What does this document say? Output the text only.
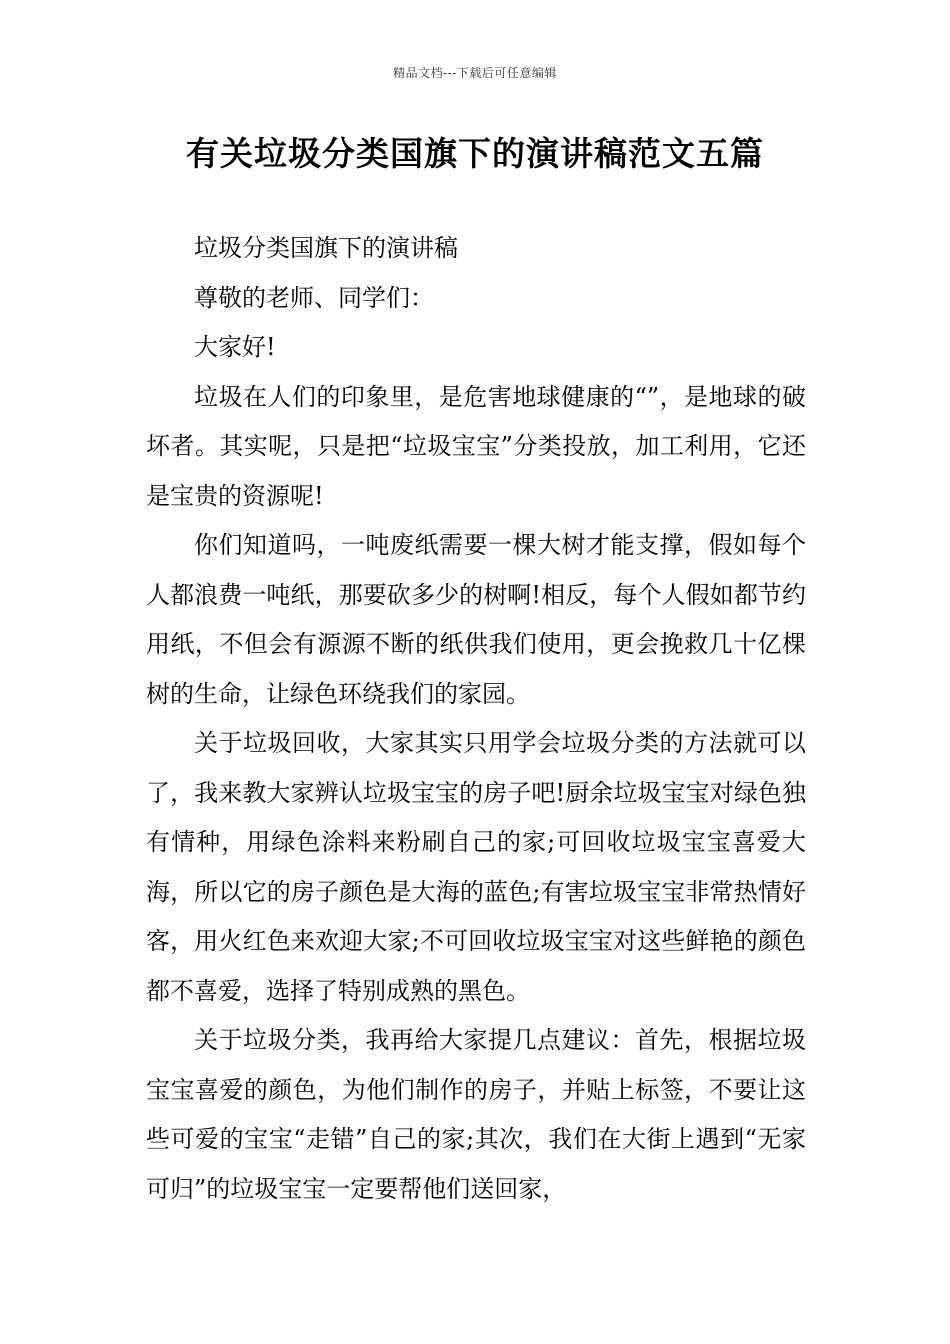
精品文档---下载后可任意编辑
有关垃圾分类国旗下的演讲稿范文五篇

垃圾分类国旗下的演讲稿

尊敬的老师、同学们：

大家好!

垃圾在人们的印象里，是危害地球健康的“”，是地球的破坏者。其实呢，只是把“垃圾宝宝”分类投放，加工利用，它还是宝贵的资源呢!

你们知道吗，一吨废纸需要一棵大树才能支撑，假如每个人都浪费一吨纸，那要砍多少的树啊!相反，每个人假如都节约用纸，不但会有源源不断的纸供我们使用，更会挽救几十亿棵树的生命，让绿色环绕我们的家园。

关于垃圾回收，大家其实只用学会垃圾分类的方法就可以了，我来教大家辨认垃圾宝宝的房子吧!厨余垃圾宝宝对绿色独有情种，用绿色涂料来粉刷自己的家;可回收垃圾宝宝喜爱大海，所以它的房子颜色是大海的蓝色;有害垃圾宝宝非常热情好客，用火红色来欢迎大家;不可回收垃圾宝宝对这些鲜艳的颜色都不喜爱，选择了特别成熟的黑色。

关于垃圾分类，我再给大家提几点建议：首先，根据垃圾宝宝喜爱的颜色，为他们制作的房子，并贴上标签，不要让这些可爱的宝宝“走错”自己的家;其次，我们在大街上遇到“无家可归”的垃圾宝宝一定要帮他们送回家，
